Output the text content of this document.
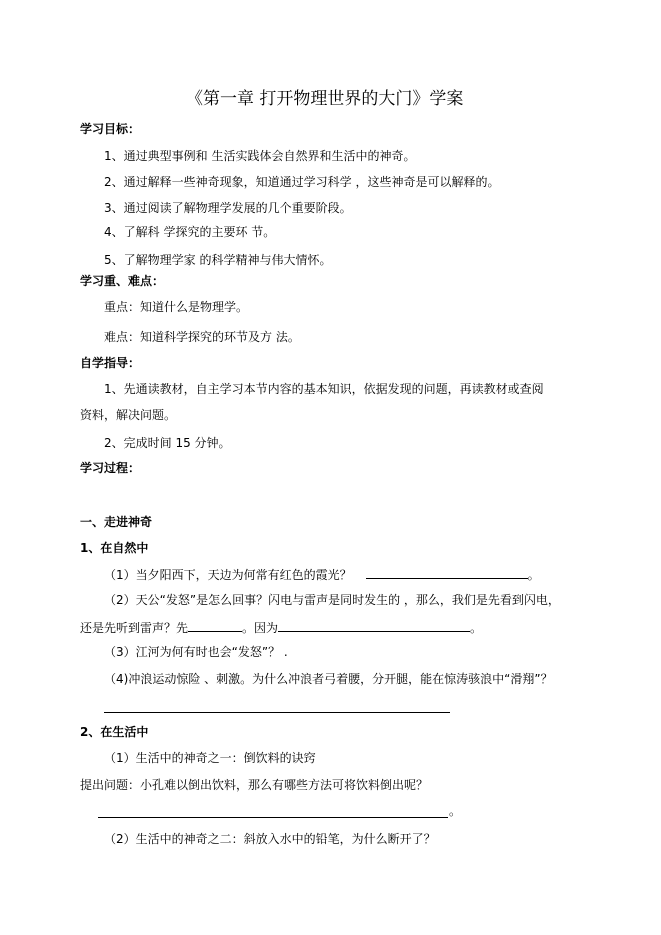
《第一章 打开物理世界的大门》学案
学习目标：
1、通过典型事例和 生活实践体会自然界和生活中的神奇。
2、通过解释一些神奇现象，知道通过学习科学 ，这些神奇是可以解释的。
3、通过阅读了解物理学发展的几个重要阶段。
4、了解科 学探究的主要环 节。
5、了解物理学家 的科学精神与伟大情怀。
学习重、难点：
重点：知道什么是物理学。
难点：知道科学探究的环节及方 法。
自学指导：
1、先通读教材，自主学习本节内容的基本知识，依据发现的问题，再读教材或查阅
资料，解决问题。
2、完成时间 15 分钟。
学习过程：
一、走进神奇
1、在自然中
（1）当夕阳西下，天边为何常有红色的霞光？	。
（2）天公“发怒”是怎么回事？闪电与雷声是同时发生的 ，那么，我们是先看到闪电，
还是先听到雷声？先	。因为	。
（3）江河为何有时也会“发怒”？ .
（4)冲浪运动惊险 、刺激。为什么冲浪者弓着腰，分开腿，能在惊涛骇浪中“滑翔”？
2、在生活中
（1）生活中的神奇之一：倒饮料的诀窍
提出问题：小孔难以倒出饮料，那么有哪些方法可将饮料倒出呢？
。
（2）生活中的神奇之二：斜放入水中的铅笔，为什么断开了？
